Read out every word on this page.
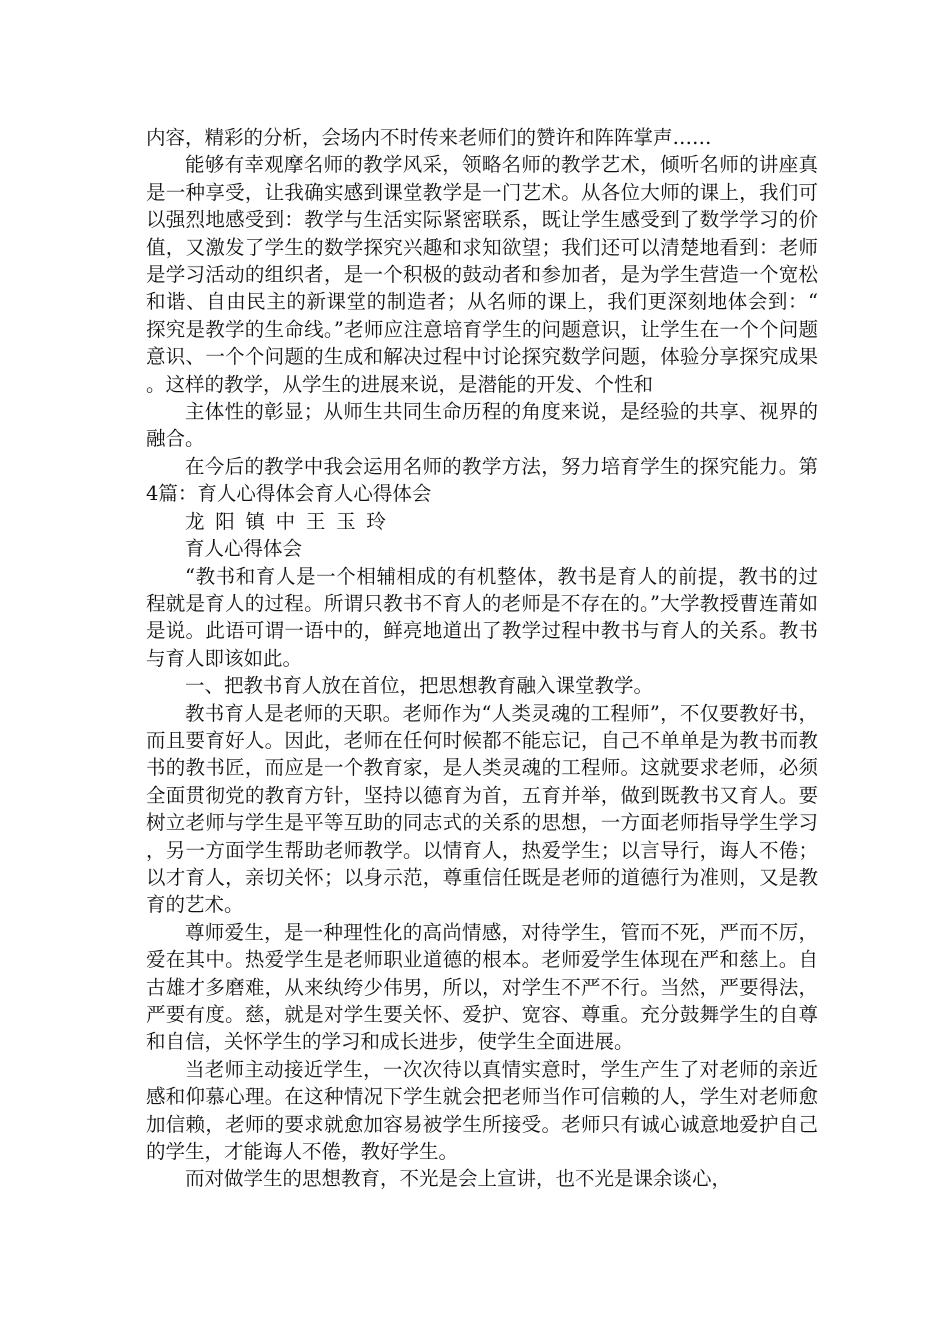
内容，精彩的分析，会场内不时传来老师们的赞许和阵阵掌声……

能够有幸观摩名师的教学风采，领略名师的教学艺术，倾听名师的讲座真是一种享受，让我确实感到课堂教学是一门艺术。从各位大师的课上，我们可以强烈地感受到：教学与生活实际紧密联系，既让学生感受到了数学学习的价值，又激发了学生的数学探究兴趣和求知欲望；我们还可以清楚地看到：老师是学习活动的组织者，是一个积极的鼓动者和参加者，是为学生营造一个宽松和谐、自由民主的新课堂的制造者；从名师的课上，我们更深刻地体会到：“探究是教学的生命线。”老师应注意培育学生的问题意识，让学生在一个个问题意识、一个个问题的生成和解决过程中讨论探究数学问题，体验分享探究成果。这样的教学，从学生的进展来说，是潜能的开发、个性和

主体性的彰显；从师生共同生命历程的角度来说，是经验的共享、视界的融合。

在今后的教学中我会运用名师的教学方法，努力培育学生的探究能力。第4篇：育人心得体会育人心得体会

龙阳镇中王玉玲

育人心得体会

“教书和育人是一个相辅相成的有机整体，教书是育人的前提，教书的过程就是育人的过程。所谓只教书不育人的老师是不存在的。”大学教授曹连莆如是说。此语可谓一语中的，鲜亮地道出了教学过程中教书与育人的关系。教书与育人即该如此。

一、把教书育人放在首位，把思想教育融入课堂教学。

教书育人是老师的天职。老师作为“人类灵魂的工程师”，不仅要教好书，而且要育好人。因此，老师在任何时候都不能忘记，自己不单单是为教书而教书的教书匠，而应是一个教育家，是人类灵魂的工程师。这就要求老师，必须全面贯彻党的教育方针，坚持以德育为首，五育并举，做到既教书又育人。要树立老师与学生是平等互助的同志式的关系的思想，一方面老师指导学生学习，另一方面学生帮助老师教学。以情育人，热爱学生；以言导行，诲人不倦；以才育人，亲切关怀；以身示范，尊重信任既是老师的道德行为准则，又是教育的艺术。

尊师爱生，是一种理性化的高尚情感，对待学生，管而不死，严而不厉，爱在其中。热爱学生是老师职业道德的根本。老师爱学生体现在严和慈上。自古雄才多磨难，从来纨绔少伟男，所以，对学生不严不行。当然，严要得法，严要有度。慈，就是对学生要关怀、爱护、宽容、尊重。充分鼓舞学生的自尊和自信，关怀学生的学习和成长进步，使学生全面进展。

当老师主动接近学生，一次次待以真情实意时，学生产生了对老师的亲近感和仰慕心理。在这种情况下学生就会把老师当作可信赖的人，学生对老师愈加信赖，老师的要求就愈加容易被学生所接受。老师只有诚心诚意地爱护自己的学生，才能诲人不倦，教好学生。

而对做学生的思想教育，不光是会上宣讲，也不光是课余谈心，
